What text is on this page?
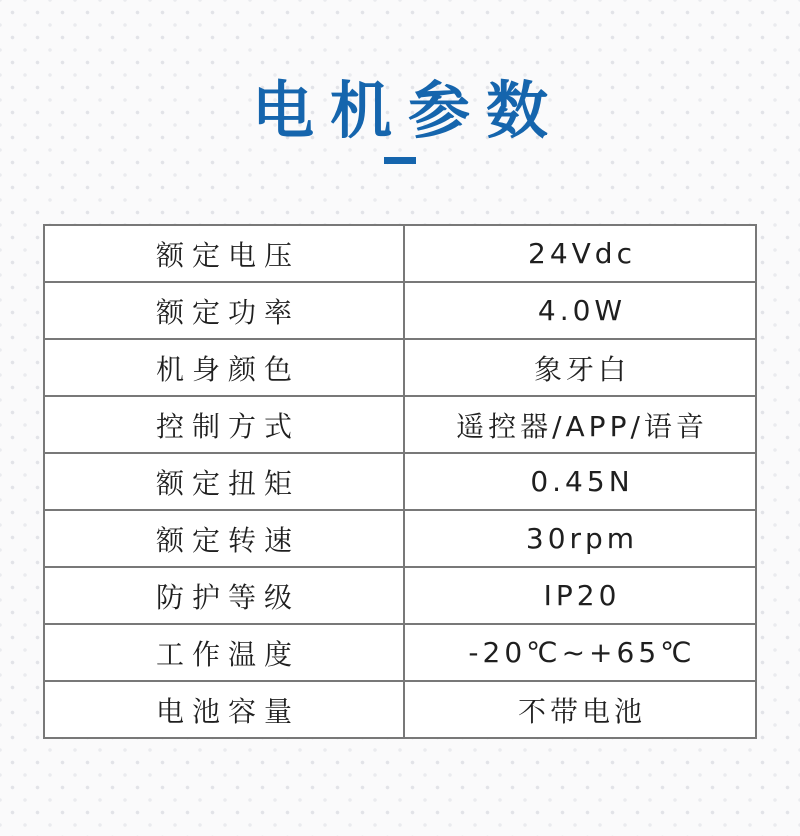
电机参数
额定电压	24Vdc
额定功率	4.0W
机身颜色	象牙白
控制方式	遥控器/APP/语音
额定扭矩	0.45N
额定转速	30rpm
防护等级	IP20
工作温度	-20℃~+65℃
电池容量	不带电池
